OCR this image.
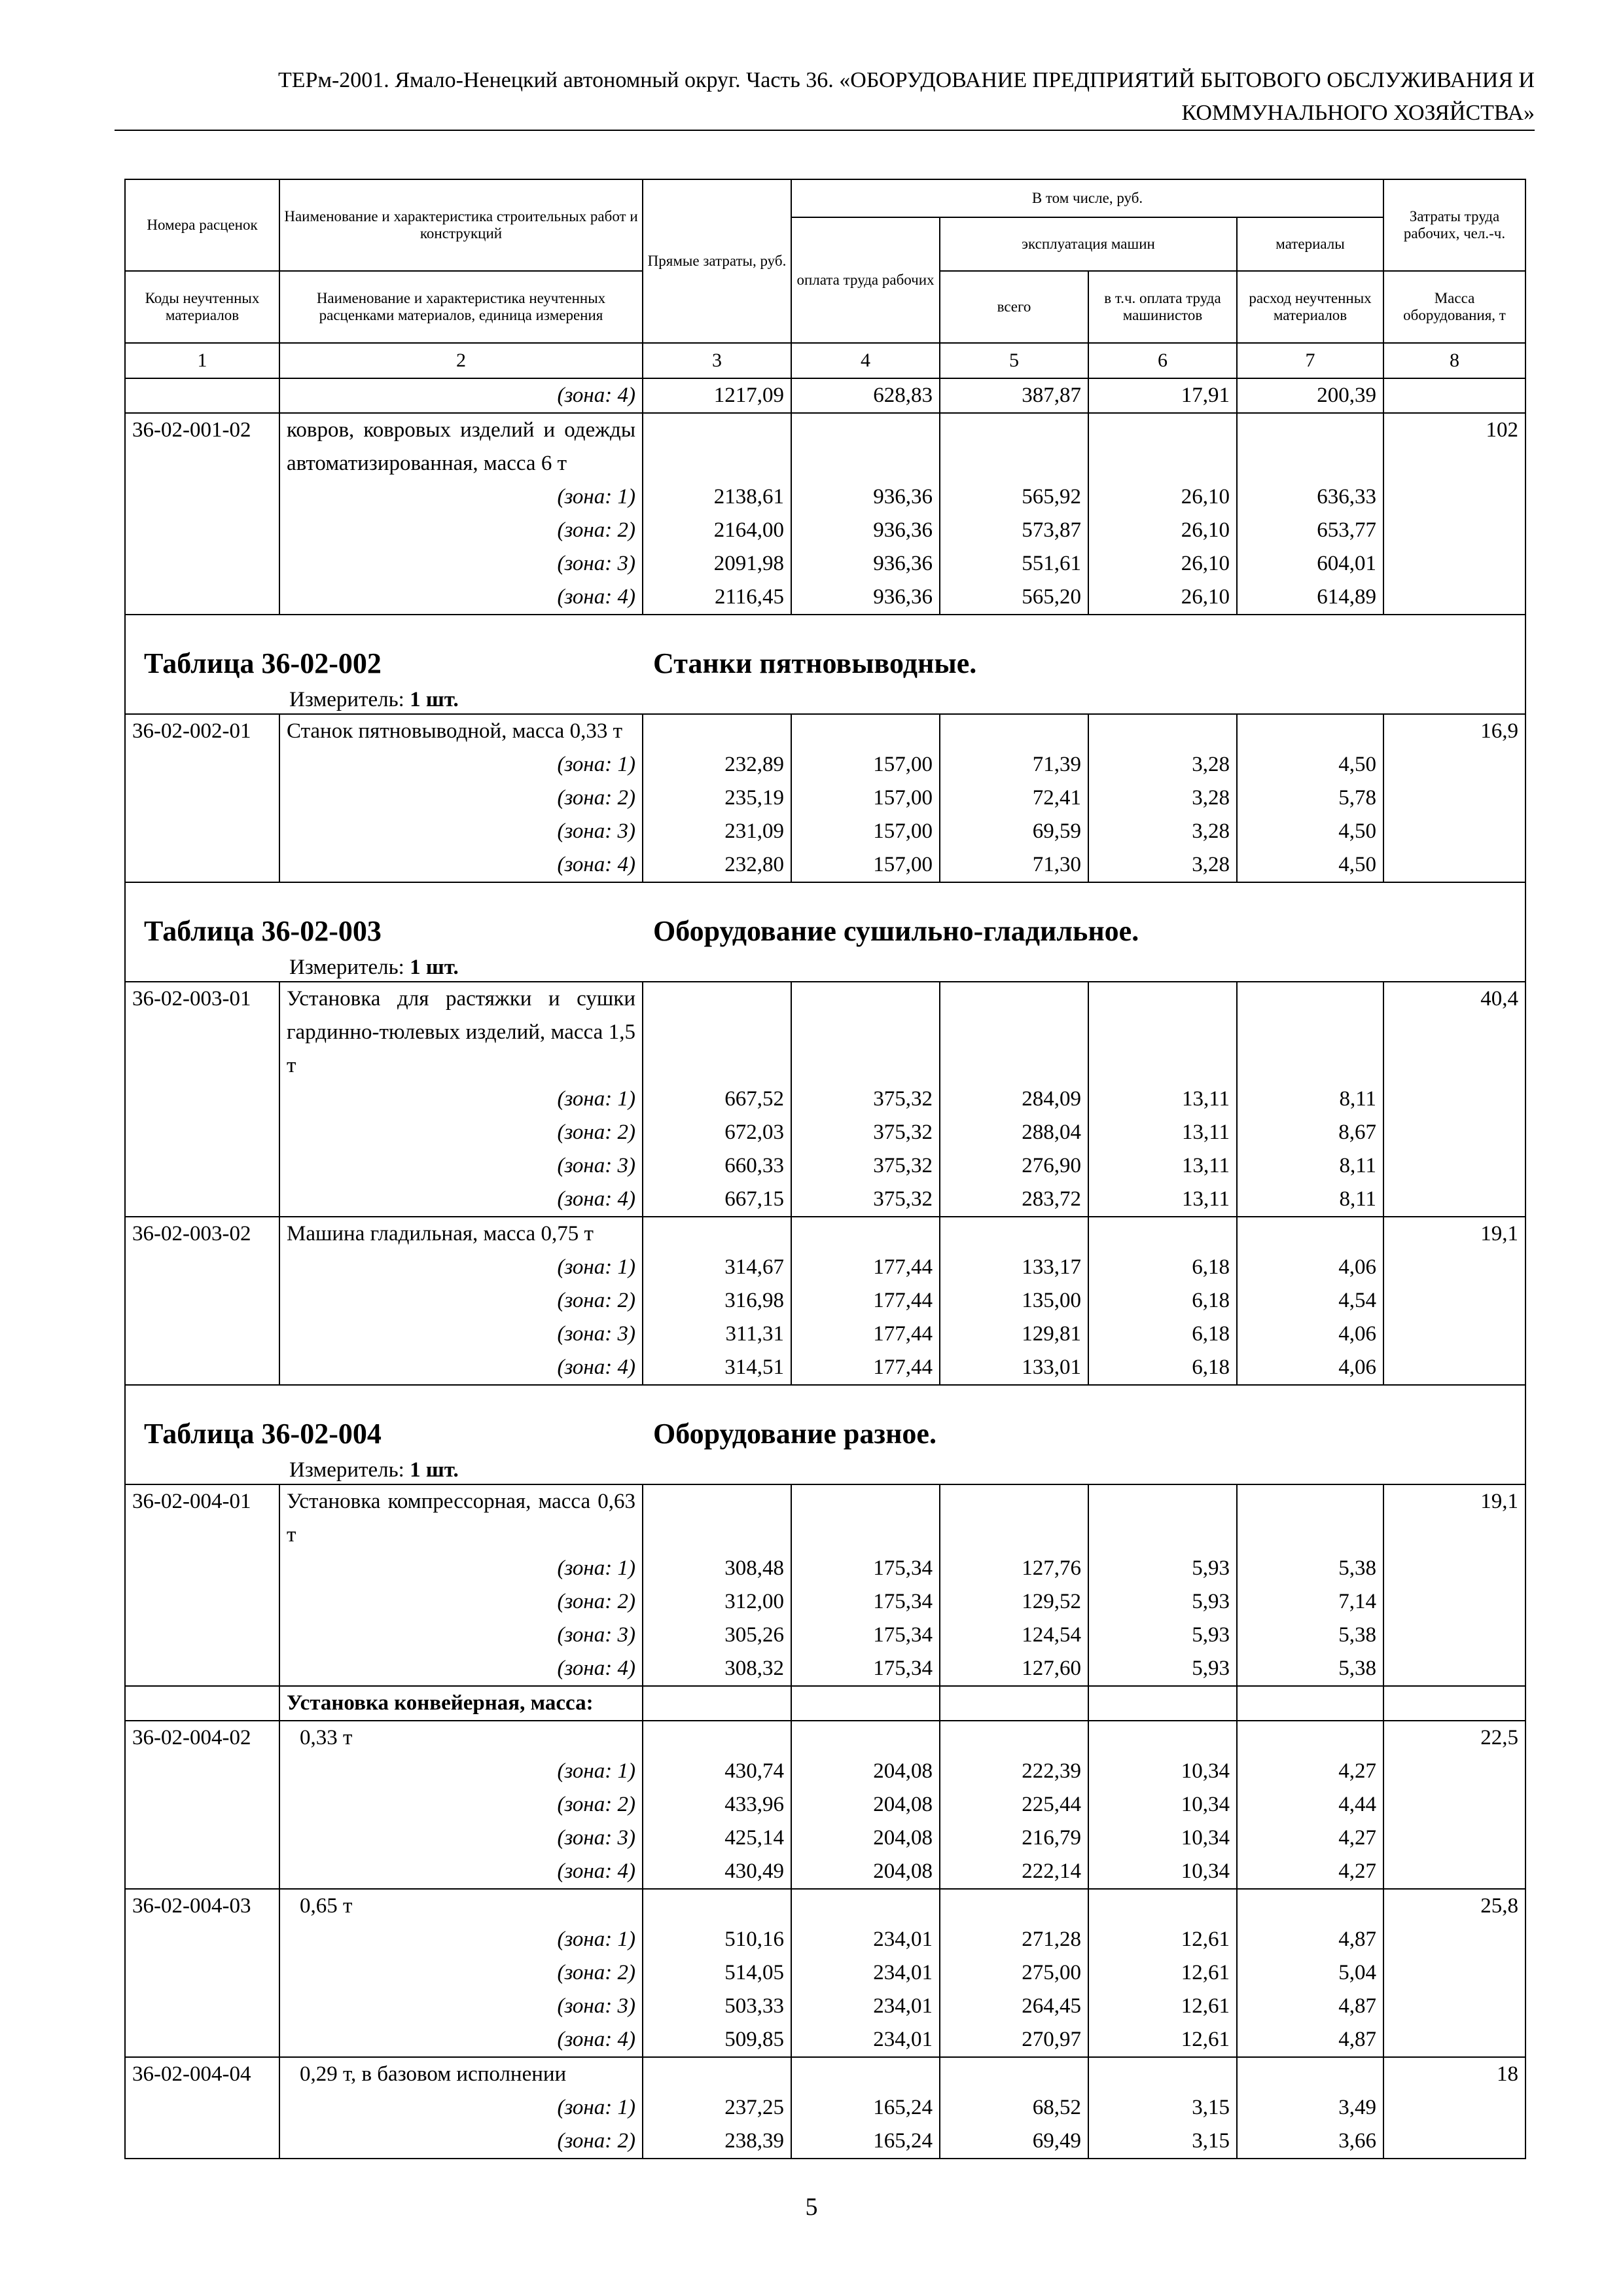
ТЕРм-2001. Ямало-Ненецкий автономный округ. Часть 36. «ОБОРУДОВАНИЕ ПРЕДПРИЯТИЙ БЫТОВОГО ОБСЛУЖИВАНИЯ И
КОММУНАЛЬНОГО ХОЗЯЙСТВА»
Номера расценок	Наименование и характеристика строительных работ и конструкций	Прямые затраты, руб.	В том числе, руб.				Затраты труда рабочих, чел.-ч.
			оплата труда рабочих	эксплуатация машин		материалы	
Коды неучтенных материалов	Наименование и характеристика неучтенных расценками материалов, единица измерения			всего	в т.ч. оплата труда машинистов	расход неучтенных материалов	Масса оборудования, т
1	2	3	4	5	6	7	8
	(зона: 4)	1217,09	628,83	387,87	17,91	200,39	
36-02-001-02	ковров, ковровых изделий и одежды автоматизированная, масса 6 т						102
	(зона: 1)	2138,61	936,36	565,92	26,10	636,33	
	(зона: 2)	2164,00	936,36	573,87	26,10	653,77	
	(зона: 3)	2091,98	936,36	551,61	26,10	604,01	
	(зона: 4)	2116,45	936,36	565,20	26,10	614,89	

Таблица 36-02-002 Станки пятновыводные.
Измеритель: 1 шт.							

36-02-002-01	Станок пятновыводной, масса 0,33 т						16,9
	(зона: 1)	232,89	157,00	71,39	3,28	4,50	
	(зона: 2)	235,19	157,00	72,41	3,28	5,78	
	(зона: 3)	231,09	157,00	69,59	3,28	4,50	
	(зона: 4)	232,80	157,00	71,30	3,28	4,50	

Таблица 36-02-003 Оборудование сушильно-гладильное.
Измеритель: 1 шт.							

36-02-003-01	Установка для растяжки и сушки гардинно-тюлевых изделий, масса 1,5 т						40,4
	(зона: 1)	667,52	375,32	284,09	13,11	8,11	
	(зона: 2)	672,03	375,32	288,04	13,11	8,67	
	(зона: 3)	660,33	375,32	276,90	13,11	8,11	
	(зона: 4)	667,15	375,32	283,72	13,11	8,11	
36-02-003-02	Машина гладильная, масса 0,75 т						19,1
	(зона: 1)	314,67	177,44	133,17	6,18	4,06	
	(зона: 2)	316,98	177,44	135,00	6,18	4,54	
	(зона: 3)	311,31	177,44	129,81	6,18	4,06	
	(зона: 4)	314,51	177,44	133,01	6,18	4,06	

Таблица 36-02-004 Оборудование разное.
Измеритель: 1 шт.							

36-02-004-01	Установка компрессорная, масса 0,63 т						19,1
	(зона: 1)	308,48	175,34	127,76	5,93	5,38	
	(зона: 2)	312,00	175,34	129,52	5,93	7,14	
	(зона: 3)	305,26	175,34	124,54	5,93	5,38	
	(зона: 4)	308,32	175,34	127,60	5,93	5,38	
	Установка конвейерная, масса:						
36-02-004-02	0,33 т						22,5
	(зона: 1)	430,74	204,08	222,39	10,34	4,27	
	(зона: 2)	433,96	204,08	225,44	10,34	4,44	
	(зона: 3)	425,14	204,08	216,79	10,34	4,27	
	(зона: 4)	430,49	204,08	222,14	10,34	4,27	
36-02-004-03	0,65 т						25,8
	(зона: 1)	510,16	234,01	271,28	12,61	4,87	
	(зона: 2)	514,05	234,01	275,00	12,61	5,04	
	(зона: 3)	503,33	234,01	264,45	12,61	4,87	
	(зона: 4)	509,85	234,01	270,97	12,61	4,87	
36-02-004-04	0,29 т, в базовом исполнении						18
	(зона: 1)	237,25	165,24	68,52	3,15	3,49	
	(зона: 2)	238,39	165,24	69,49	3,15	3,66	
5
